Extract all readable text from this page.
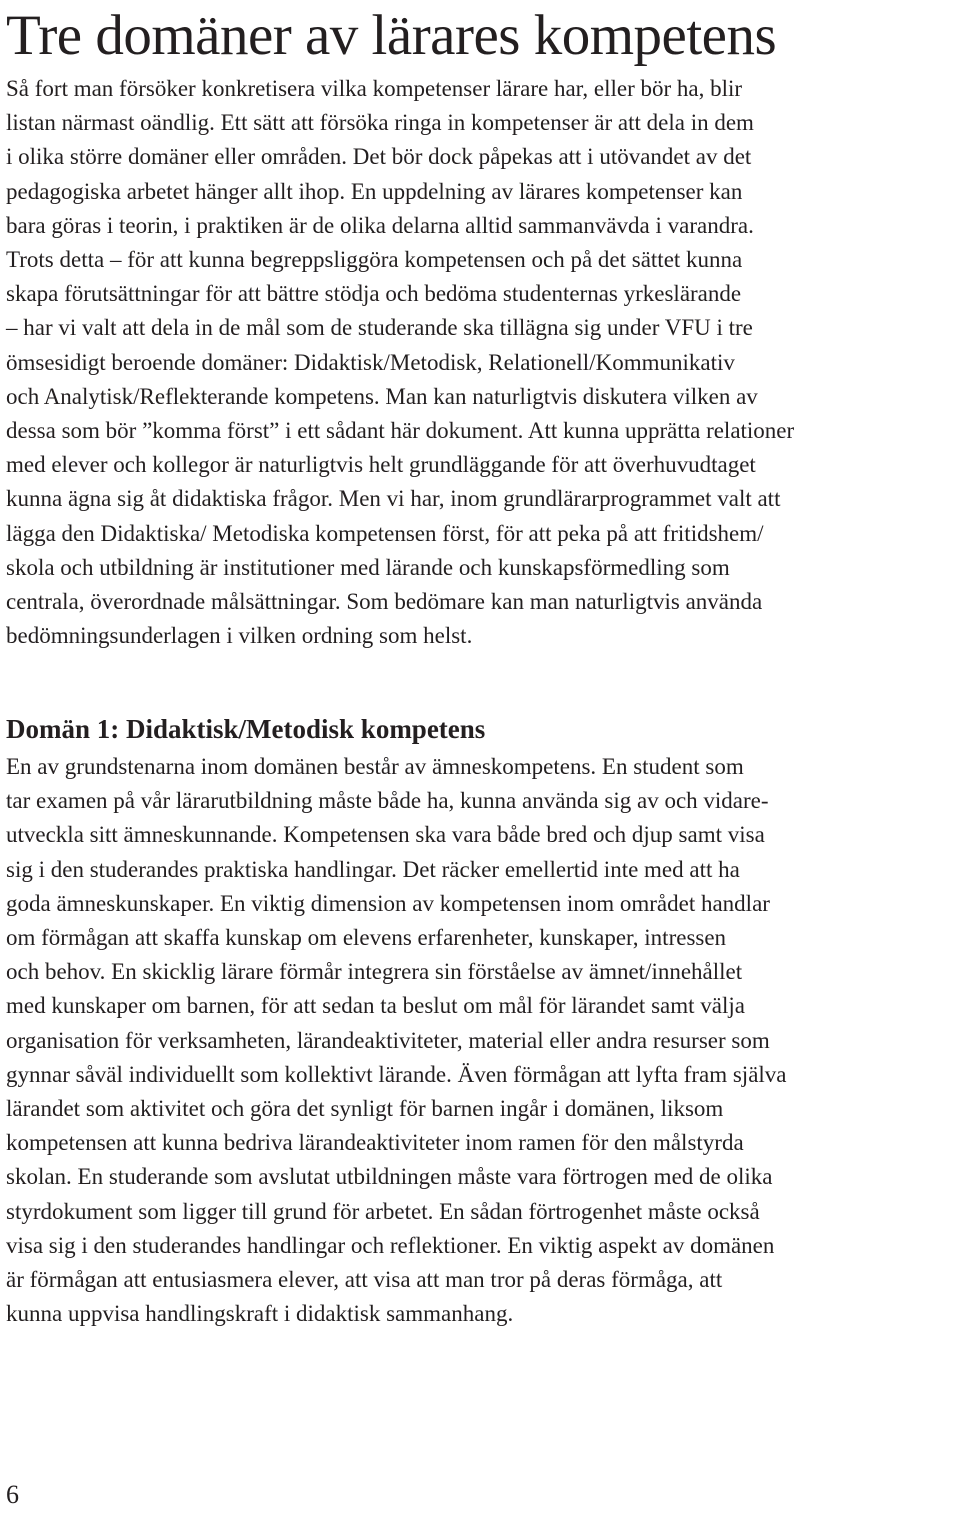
Tre domäner av lärares kompetens
Så fort man försöker konkretisera vilka kompetenser lärare har, eller bör ha, blir
listan närmast oändlig. Ett sätt att försöka ringa in kompetenser är att dela in dem
i olika större domäner eller områden. Det bör dock påpekas att i utövandet av det
pedagogiska arbetet hänger allt ihop. En uppdelning av lärares kompetenser kan
bara göras i teorin, i praktiken är de olika delarna alltid sammanvävda i varandra.
Trots detta – för att kunna begreppsliggöra kompetensen och på det sättet kunna
skapa förutsättningar för att bättre stödja och bedöma studenternas yrkeslärande
– har vi valt att dela in de mål som de studerande ska tillägna sig under VFU i tre
ömsesidigt beroende domäner: Didaktisk/Metodisk, Relationell/Kommunikativ
och Analytisk/Reflekterande kompetens. Man kan naturligtvis diskutera vilken av
dessa som bör ”komma först” i ett sådant här dokument. Att kunna upprätta relationer
med elever och kollegor är naturligtvis helt grundläggande för att överhuvudtaget
kunna ägna sig åt didaktiska frågor. Men vi har, inom grundlärarprogrammet valt att
lägga den Didaktiska/ Metodiska kompetensen först, för att peka på att fritidshem/
skola och utbildning är institutioner med lärande och kunskapsförmedling som
centrala, överordnade målsättningar. Som bedömare kan man naturligtvis använda
bedömningsunderlagen i vilken ordning som helst.
Domän 1: Didaktisk/Metodisk kompetens
En av grundstenarna inom domänen består av ämneskompetens. En student som
tar examen på vår lärarutbildning måste både ha, kunna använda sig av och vidare-
utveckla sitt ämneskunnande. Kompetensen ska vara både bred och djup samt visa
sig i den studerandes praktiska handlingar. Det räcker emellertid inte med att ha
goda ämneskunskaper. En viktig dimension av kompetensen inom området handlar
om förmågan att skaffa kunskap om elevens erfarenheter, kunskaper, intressen
och behov. En skicklig lärare förmår integrera sin förståelse av ämnet/innehållet
med kunskaper om barnen, för att sedan ta beslut om mål för lärandet samt välja
organisation för verksamheten, lärandeaktiviteter, material eller andra resurser som
gynnar såväl individuellt som kollektivt lärande. Även förmågan att lyfta fram själva
lärandet som aktivitet och göra det synligt för barnen ingår i domänen, liksom
kompetensen att kunna bedriva lärandeaktiviteter inom ramen för den målstyrda
skolan. En studerande som avslutat utbildningen måste vara förtrogen med de olika
styrdokument som ligger till grund för arbetet. En sådan förtrogenhet måste också
visa sig i den studerandes handlingar och reflektioner. En viktig aspekt av domänen
är förmågan att entusiasmera elever, att visa att man tror på deras förmåga, att
kunna uppvisa handlingskraft i didaktisk sammanhang.
6
